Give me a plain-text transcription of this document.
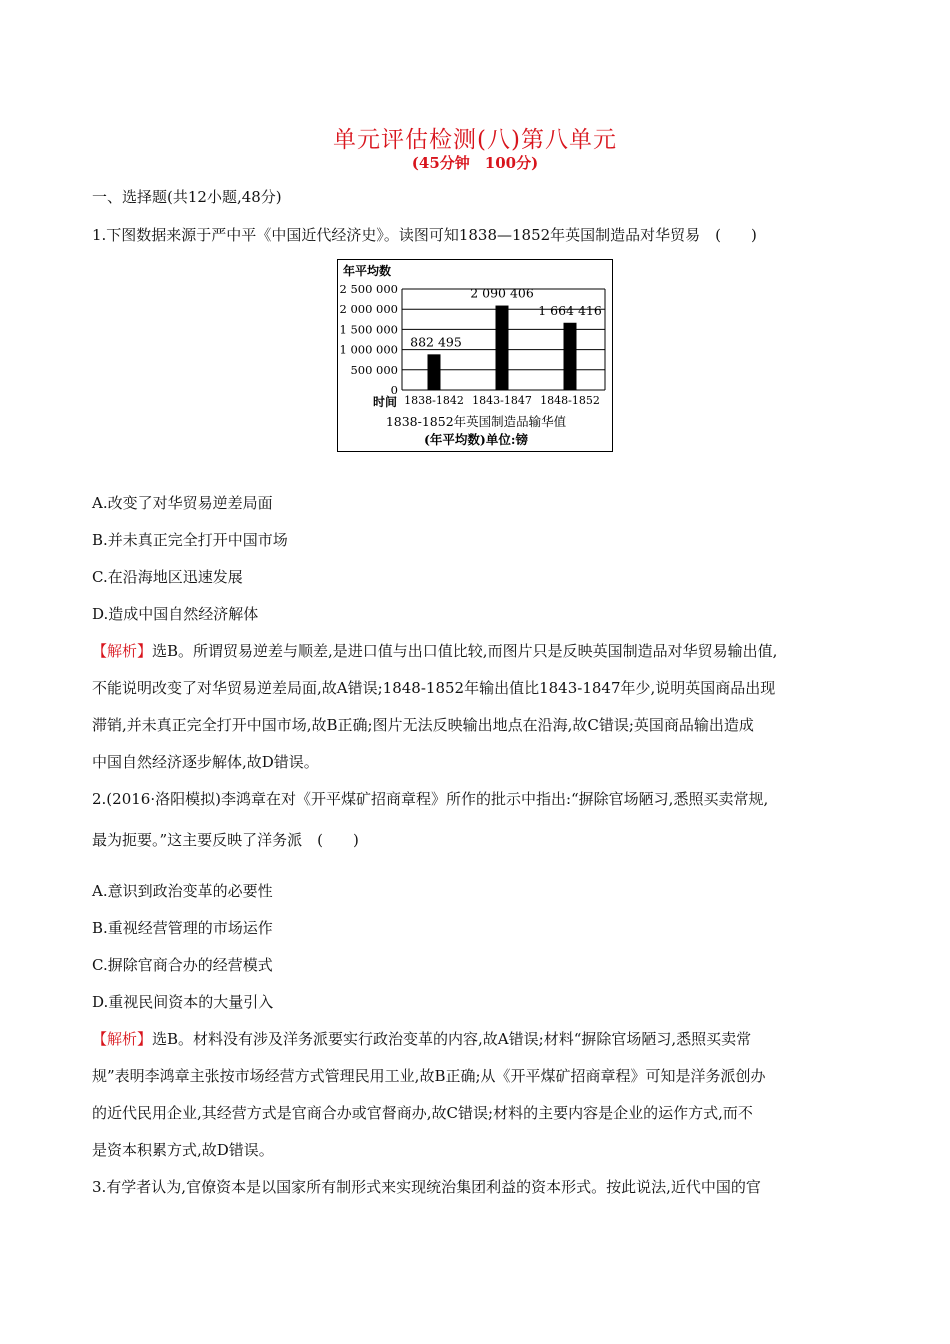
单元评估检测(八)第八单元
(45分钟　100分)
一、选择题(共12小题,48分)
1.下图数据来源于严中平《中国近代经济史》。读图可知1838—1852年英国制造品对华贸易　(　　)
年平均数
0
500 000
1 000 000
1 500 000
2 000 000
2 500 000
882 495
1838-1842
2 090 406
1843-1847
1 664 416
1848-1852
时间
1838-1852年英国制造品输华值
(年平均数)单位:镑
A.改变了对华贸易逆差局面
B.并未真正完全打开中国市场
C.在沿海地区迅速发展
D.造成中国自然经济解体
【解析】选B。所谓贸易逆差与顺差,是进口值与出口值比较,而图片只是反映英国制造品对华贸易输出值,
不能说明改变了对华贸易逆差局面,故A错误;1848-1852年输出值比1843-1847年少,说明英国商品出现
滞销,并未真正完全打开中国市场,故B正确;图片无法反映输出地点在沿海,故C错误;英国商品输出造成
中国自然经济逐步解体,故D错误。
2.(2016·洛阳模拟)李鸿章在对《开平煤矿招商章程》所作的批示中指出:“摒除官场陋习,悉照买卖常规,
最为扼要。”这主要反映了洋务派　(　　)
A.意识到政治变革的必要性
B.重视经营管理的市场运作
C.摒除官商合办的经营模式
D.重视民间资本的大量引入
【解析】选B。材料没有涉及洋务派要实行政治变革的内容,故A错误;材料“摒除官场陋习,悉照买卖常
规”表明李鸿章主张按市场经营方式管理民用工业,故B正确;从《开平煤矿招商章程》可知是洋务派创办
的近代民用企业,其经营方式是官商合办或官督商办,故C错误;材料的主要内容是企业的运作方式,而不
是资本积累方式,故D错误。
3.有学者认为,官僚资本是以国家所有制形式来实现统治集团利益的资本形式。按此说法,近代中国的官
